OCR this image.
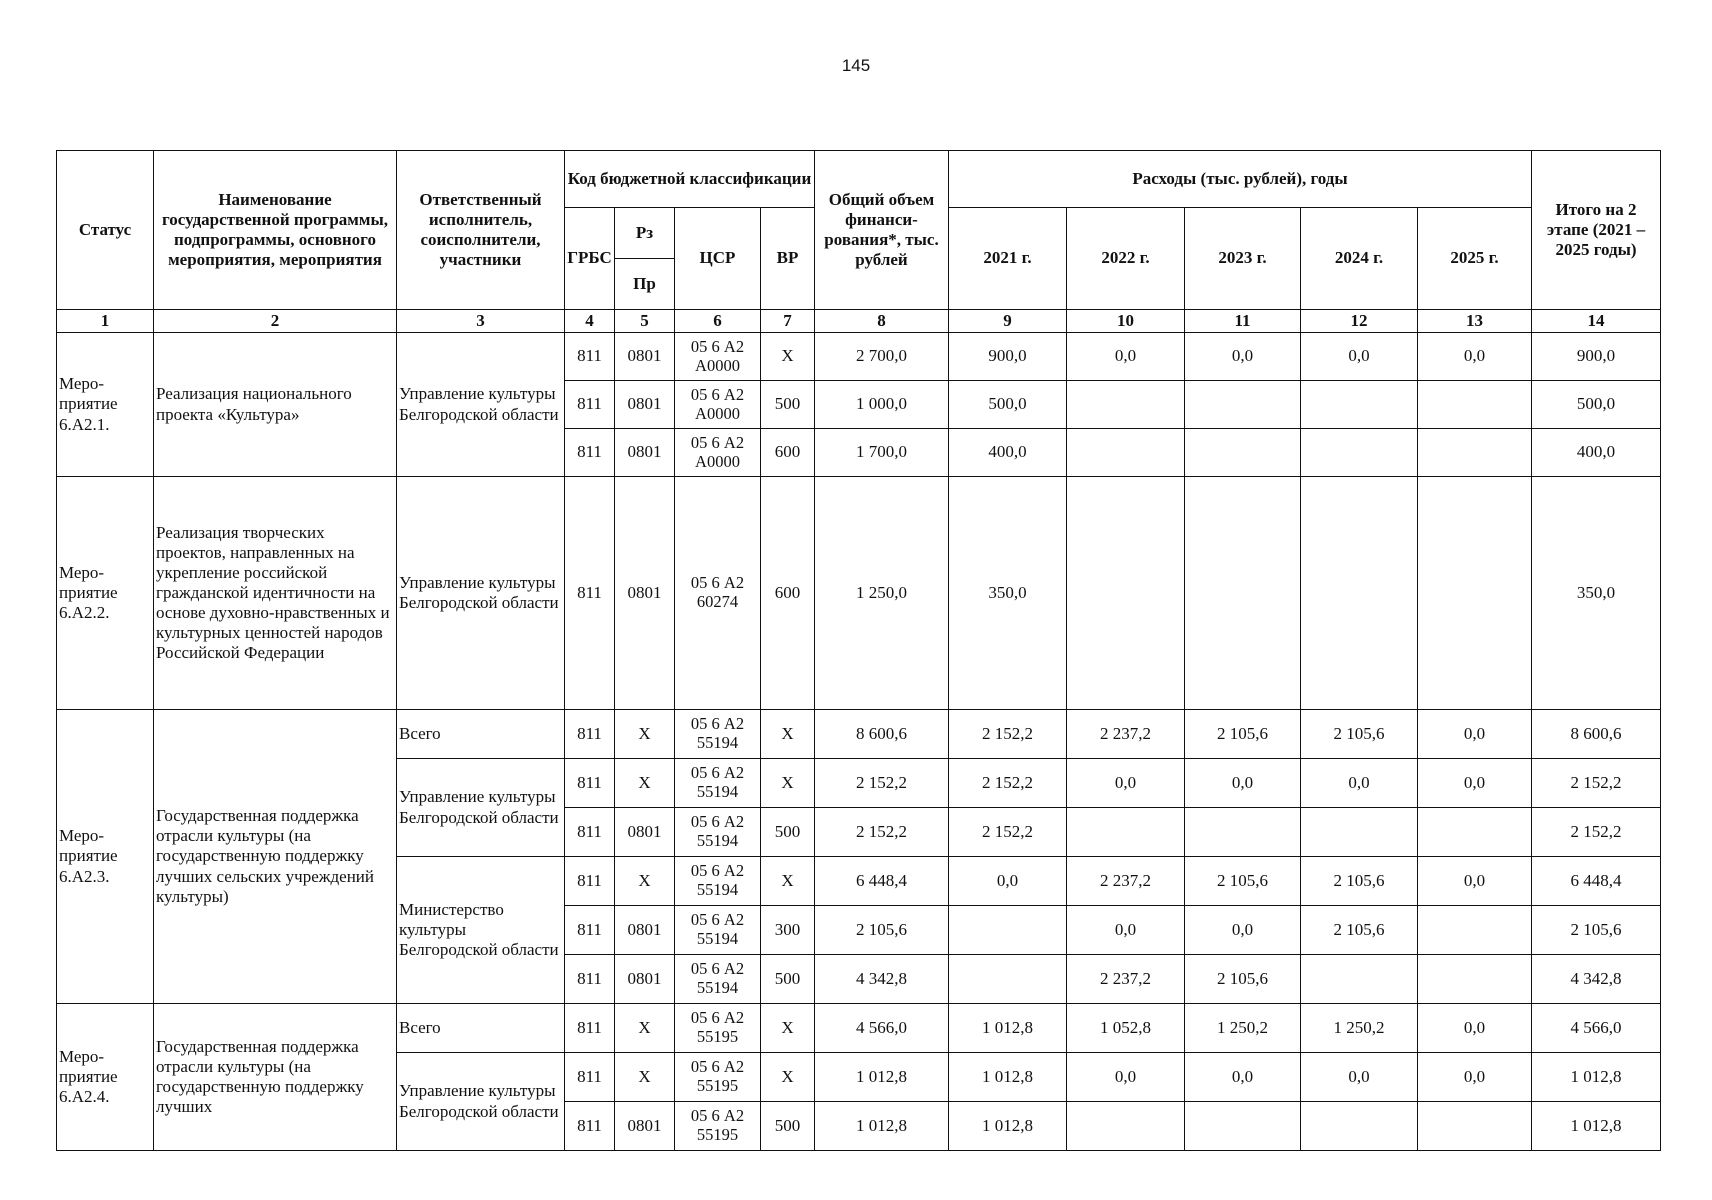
145
Статус	Наименование государственной программы, подпрограммы, основного мероприятия, мероприятия	Ответственный исполнитель, соисполнители, участники	Код бюджетной классификации				Общий объем финанси-рования*, тыс. рублей	Расходы (тыс. рублей), годы					Итого на 2 этапе (2021 – 2025 годы)
			ГРБС	Рз	ЦСР	ВР		2021 г.	2022 г.	2023 г.	2024 г.	2025 г.	
				Пр									
1	2	3	4	5	6	7	8	9	10	11	12	13	14
Меро-приятие 6.А2.1.	Реализация национального проекта «Культура»	Управление культуры Белгородской области	811	0801	05 6 А2 А0000	X	2 700,0	900,0	0,0	0,0	0,0	0,0	900,0
			811	0801	05 6 А2 А0000	500	1 000,0	500,0					500,0
			811	0801	05 6 А2 А0000	600	1 700,0	400,0					400,0
Меро-приятие 6.А2.2.	Реализация творческих проектов, направленных на укрепление российской гражданской идентичности на основе духовно-нравственных и культурных ценностей народов Российской Федерации	Управление культуры Белгородской области	811	0801	05 6 А2 60274	600	1 250,0	350,0					350,0
Меро-приятие 6.А2.3.	Государственная поддержка отрасли культуры (на государственную поддержку лучших сельских учреждений культуры)	Всего	811	X	05 6 А2 55194	X	8 600,6	2 152,2	2 237,2	2 105,6	2 105,6	0,0	8 600,6
		Управление культуры Белгородской области	811	X	05 6 А2 55194	X	2 152,2	2 152,2	0,0	0,0	0,0	0,0	2 152,2
			811	0801	05 6 А2 55194	500	2 152,2	2 152,2					2 152,2
		Министерство культуры Белгородской области	811	X	05 6 А2 55194	X	6 448,4	0,0	2 237,2	2 105,6	2 105,6	0,0	6 448,4
			811	0801	05 6 А2 55194	300	2 105,6		0,0	0,0	2 105,6		2 105,6
			811	0801	05 6 А2 55194	500	4 342,8		2 237,2	2 105,6			4 342,8
Меро-приятие 6.А2.4.	Государственная поддержка отрасли культуры (на государственную поддержку лучших	Всего	811	X	05 6 А2 55195	X	4 566,0	1 012,8	1 052,8	1 250,2	1 250,2	0,0	4 566,0
		Управление культуры Белгородской области	811	X	05 6 А2 55195	X	1 012,8	1 012,8	0,0	0,0	0,0	0,0	1 012,8
			811	0801	05 6 А2 55195	500	1 012,8	1 012,8					1 012,8
